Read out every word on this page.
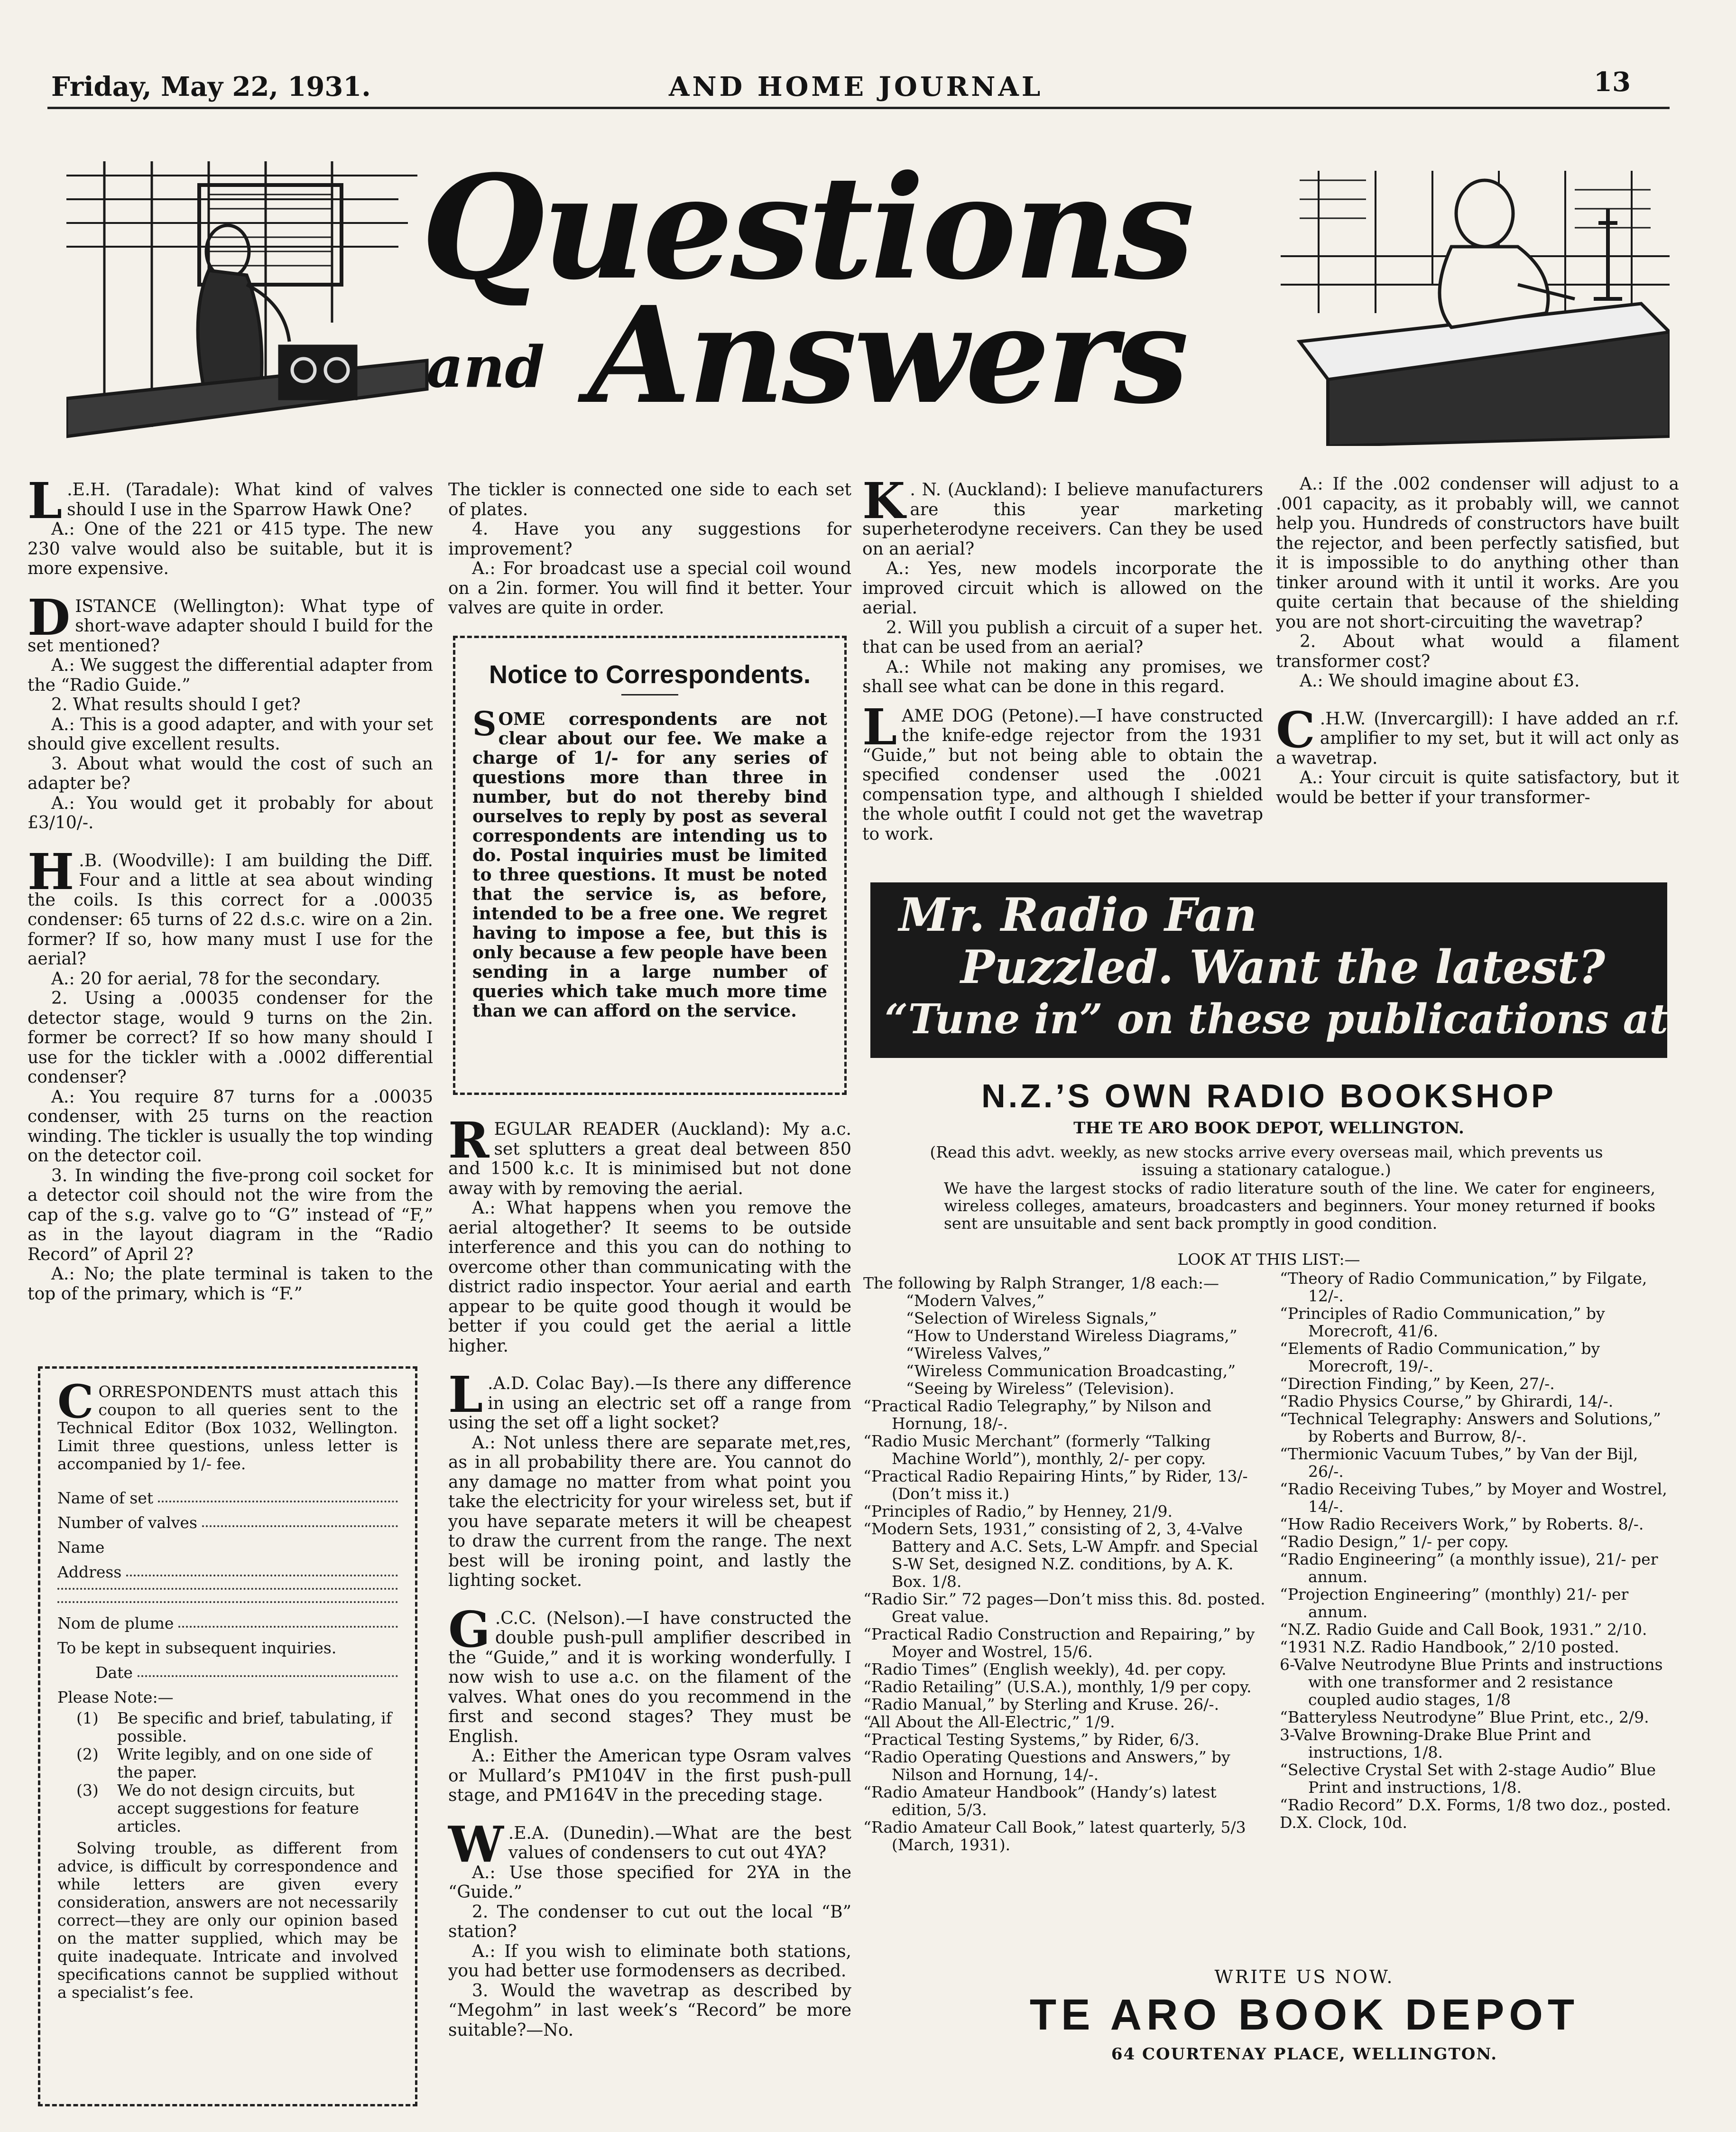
Friday, May 22, 1931.	AND HOME JOURNAL	13
Questions
and Answers

L .E.H. (Taradale): What kind of valves should I use in the Sparrow Hawk One?

A.: One of the 221 or 415 type. The new 230 valve would also be suitable, but it is more expensive.

DISTANCE (Wellington): What type of short-wave adapter should I build for the set mentioned?

A.: We suggest the differential adapter from the “Radio Guide.”

2. What results should I get?

A.: This is a good adapter, and with your set should give excellent results.

3. About what would the cost of such an adapter be?

A.: You would get it probably for about £3/10/-.

H .B. (Woodville): I am building the Diff. Four and a little at sea about winding the coils. Is this correct for a .00035 condenser: 65 turns of 22 d.s.c. wire on a 2in. former? If so, how many must I use for the aerial?

A.: 20 for aerial, 78 for the secondary.

2. Using a .00035 condenser for the detector stage, would 9 turns on the 2in. former be correct? If so how many should I use for the tickler with a .0002 differential condenser?

A.: You require 87 turns for a .00035 condenser, with 25 turns on the reaction winding. The tickler is usually the top winding on the detector coil.

3. In winding the five-prong coil socket for a detector coil should not the wire from the cap of the s.g. valve go to “G” instead of “F,” as in the layout diagram in the “Radio Record” of April 2?

A.: No; the plate terminal is taken to the top of the primary, which is “F.”

CORRESPONDENTS must attach this coupon to all queries sent to the Technical Editor (Box 1032, Wellington. Limit three questions, unless letter is accompanied by 1/- fee.

Name of set
Number of valves
Name
Address
Nom de plume

To be kept in subsequent inquiries.

Date

Please Note:—

(1)	Be specific and brief, tabulating, if possible.
(2)	Write legibly, and on one side of the paper.
(3)	We do not design circuits, but accept suggestions for feature articles.

Solving trouble, as different from advice, is difficult by correspondence and while letters are given every consideration, answers are not necessarily correct—they are only our opinion based on the matter supplied, which may be quite inadequate. Intricate and involved specifications cannot be supplied without a specialist’s fee.

The tickler is connected one side to each set of plates.

4. Have you any suggestions for improvement?

A.: For broadcast use a special coil wound on a 2in. former. You will find it better. Your valves are quite in order.

Notice to Correspondents.

SOME correspondents are not clear about our fee. We make a charge of 1/- for any series of questions more than three in number, but do not thereby bind ourselves to reply by post as several correspondents are intending us to do. Postal inquiries must be limited to three questions. It must be noted that the service is, as before, intended to be a free one. We regret having to impose a fee, but this is only because a few people have been sending in a large number of queries which take much more time than we can afford on the service.

REGULAR READER (Auckland): My a.c. set splutters a great deal between 850 and 1500 k.c. It is minimised but not done away with by removing the aerial.

A.: What happens when you remove the aerial altogether? It seems to be outside interference and this you can do nothing to overcome other than communicating with the district radio inspector. Your aerial and earth appear to be quite good though it would be better if you could get the aerial a little higher.

L .A.D. Colac Bay).—Is there any difference in using an electric set off a range from using the set off a light socket?

A.: Not unless there are separate met,res, as in all probability there are. You cannot do any damage no matter from what point you take the electricity for your wireless set, but if you have separate meters it will be cheapest to draw the current from the range. The next best will be ironing point, and lastly the lighting socket.

G .C.C. (Nelson).—I have constructed the double push-pull amplifier described in the “Guide,” and it is working wonderfully. I now wish to use a.c. on the filament of the valves. What ones do you recommend in the first and second stages? They must be English.

A.: Either the American type Osram valves or Mullard’s PM104V in the first push-pull stage, and PM164V in the preceding stage.

W .E.A. (Dunedin).—What are the best values of condensers to cut out 4YA?

A.: Use those specified for 2YA in the “Guide.”

2. The condenser to cut out the local “B” station?

A.: If you wish to eliminate both stations, you had better use formodensers as decribed.

3. Would the wavetrap as described by “Megohm” in last week’s “Record” be more suitable?—No.

K . N. (Auckland): I believe manufacturers are this year marketing superheterodyne receivers. Can they be used on an aerial?

A.: Yes, new models incorporate the improved circuit which is allowed on the aerial.

2. Will you publish a circuit of a super het. that can be used from an aerial?

A.: While not making any promises, we shall see what can be done in this regard.

LAME DOG (Petone).—I have constructed the knife-edge rejector from the 1931 “Guide,” but not being able to obtain the specified condenser used the .0021 compensation type, and although I shielded the whole outfit I could not get the wavetrap to work.

A.: If the .002 condenser will adjust to a .001 capacity, as it probably will, we cannot help you. Hundreds of constructors have built the rejector, and been perfectly satisfied, but it is impossible to do anything other than tinker around with it until it works. Are you quite certain that because of the shielding you are not short-circuiting the wavetrap?

2. About what would a filament transformer cost?

A.: We should imagine about £3.

C .H.W. (Invercargill): I have added an r.f. amplifier to my set, but it will act only as a wavetrap.

A.: Your circuit is quite satisfactory, but it would be better if your transformer-

Mr. Radio Fan
Puzzled. Want the latest?
“Tune in” on these publications at
N.Z.’S OWN RADIO BOOKSHOP
THE TE ARO BOOK DEPOT, WELLINGTON.
(Read this advt. weekly, as new stocks arrive every overseas mail, which prevents us issuing a stationary catalogue.)
We have the largest stocks of radio literature south of the line. We cater for engineers, wireless colleges, amateurs, broadcasters and beginners. Your money returned if books sent are unsuitable and sent back promptly in good condition.
LOOK AT THIS LIST:—

The following by Ralph Stranger, 1/8 each:—

“Modern Valves,”

“Selection of Wireless Signals,”

“How to Understand Wireless Diagrams,”

“Wireless Valves,”

“Wireless Communication Broadcasting,”

“Seeing by Wireless” (Television).

“Practical Radio Telegraphy,” by Nilson and Hornung, 18/-.

“Radio Music Merchant” (formerly “Talking Machine World”), monthly, 2/- per copy.

“Practical Radio Repairing Hints,” by Rider, 13/- (Don’t miss it.)

“Principles of Radio,” by Henney, 21/9.

“Modern Sets, 1931,” consisting of 2, 3, 4-Valve Battery and A.C. Sets, L-W Ampfr. and Special S-W Set, designed N.Z. conditions, by A. K. Box. 1/8.

“Radio Sir.” 72 pages—Don’t miss this. 8d. posted. Great value.

“Practical Radio Construction and Repairing,” by Moyer and Wostrel, 15/6.

“Radio Times” (English weekly), 4d. per copy.

“Radio Retailing” (U.S.A.), monthly, 1/9 per copy.

“Radio Manual,” by Sterling and Kruse. 26/-.

“All About the All-Electric,” 1/9.

“Practical Testing Systems,” by Rider, 6/3.

“Radio Operating Questions and Answers,” by Nilson and Hornung, 14/-.

“Radio Amateur Handbook” (Handy’s) latest edition, 5/3.

“Radio Amateur Call Book,” latest quarterly, 5/3 (March, 1931).

“Theory of Radio Communication,” by Filgate, 12/-.

“Principles of Radio Communication,” by Morecroft, 41/6.

“Elements of Radio Communication,” by Morecroft, 19/-.

“Direction Finding,” by Keen, 27/-.

“Radio Physics Course,” by Ghirardi, 14/-.

“Technical Telegraphy: Answers and Solutions,” by Roberts and Burrow, 8/-.

“Thermionic Vacuum Tubes,” by Van der Bijl, 26/-.

“Radio Receiving Tubes,” by Moyer and Wostrel, 14/-.

“How Radio Receivers Work,” by Roberts. 8/-.

“Radio Design,” 1/- per copy.

“Radio Engineering” (a monthly issue), 21/- per annum.

“Projection Engineering” (monthly) 21/- per annum.

“N.Z. Radio Guide and Call Book, 1931.” 2/10.

“1931 N.Z. Radio Handbook,” 2/10 posted.

6-Valve Neutrodyne Blue Prints and instructions with one transformer and 2 resistance coupled audio stages, 1/8

“Batteryless Neutrodyne” Blue Print, etc., 2/9.

3-Valve Browning-Drake Blue Print and instructions, 1/8.

“Selective Crystal Set with 2-stage Audio” Blue Print and instructions, 1/8.

“Radio Record” D.X. Forms, 1/8 two doz., posted.

D.X. Clock, 10d.

WRITE US NOW.
TE ARO BOOK DEPOT
64 COURTENAY PLACE, WELLINGTON.
